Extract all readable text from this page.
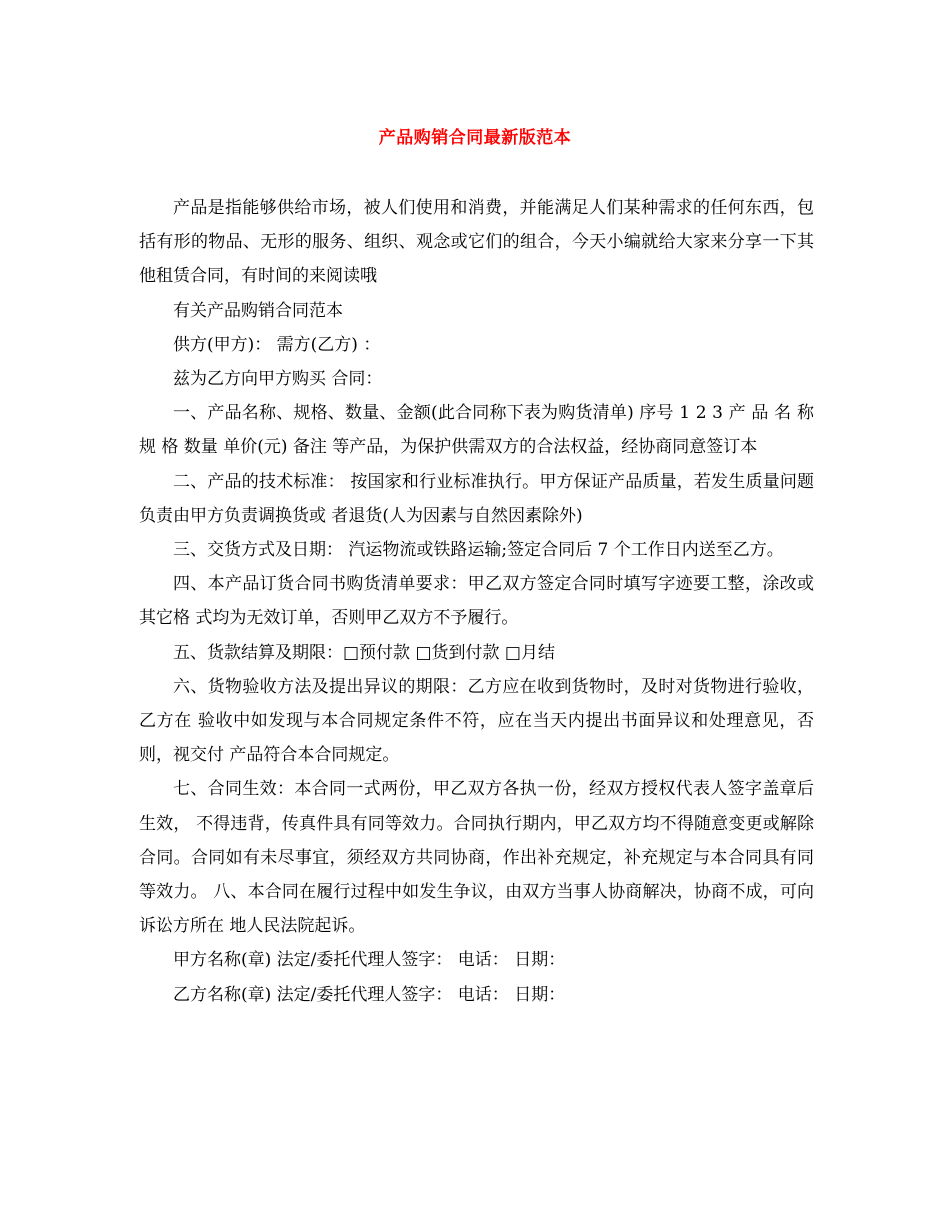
产品购销合同最新版范本

产品是指能够供给市场，被人们使用和消费，并能满足人们某种需求的任何东西，包括有形的物品、无形的服务、组织、观念或它们的组合，今天小编就给大家来分享一下其他租赁合同，有时间的来阅读哦

有关产品购销合同范本

供方(甲方)： 需方(乙方) ：

兹为乙方向甲方购买 合同：

一、产品名称、规格、数量、金额(此合同称下表为购货清单) 序号 1 2 3 产 品 名 称 规 格 数量 单价(元) 备注 等产品，为保护供需双方的合法权益，经协商同意签订本

二、产品的技术标准： 按国家和行业标准执行。甲方保证产品质量，若发生质量问题负责由甲方负责调换货或 者退货(人为因素与自然因素除外)

三、交货方式及日期： 汽运物流或铁路运输;签定合同后 7 个工作日内送至乙方。

四、本产品订货合同书购货清单要求：甲乙双方签定合同时填写字迹要工整，涂改或其它格 式均为无效订单，否则甲乙双方不予履行。

五、货款结算及期限：□预付款 □货到付款 □月结

六、货物验收方法及提出异议的期限：乙方应在收到货物时，及时对货物进行验收，乙方在 验收中如发现与本合同规定条件不符，应在当天内提出书面异议和处理意见，否则，视交付 产品符合本合同规定。

七、合同生效：本合同一式两份，甲乙双方各执一份，经双方授权代表人签字盖章后生效， 不得违背，传真件具有同等效力。合同执行期内，甲乙双方均不得随意变更或解除合同。合同如有未尽事宜，须经双方共同协商，作出补充规定，补充规定与本合同具有同等效力。 八、本合同在履行过程中如发生争议，由双方当事人协商解决，协商不成，可向诉讼方所在 地人民法院起诉。

甲方名称(章) 法定/委托代理人签字： 电话： 日期：

乙方名称(章) 法定/委托代理人签字： 电话： 日期：
